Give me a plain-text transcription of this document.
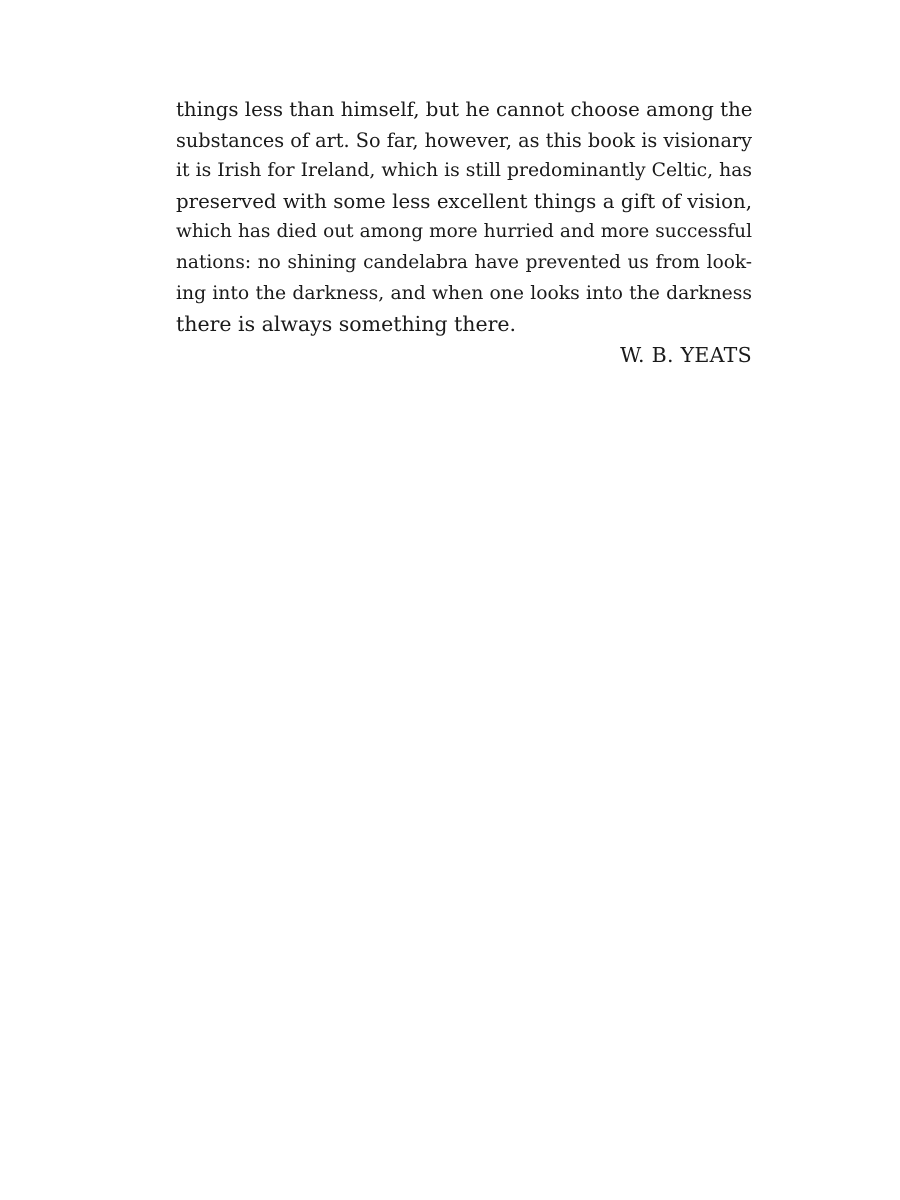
things less than himself, but he cannot choose among the
substances of art. So far, however, as this book is visionary
it is Irish for Ireland, which is still predominantly Celtic, has
preserved with some less excellent things a gift of vision,
which has died out among more hurried and more successful
nations: no shining candelabra have prevented us from look-
ing into the darkness, and when one looks into the darkness
there is always something there.
W. B. YEATS
